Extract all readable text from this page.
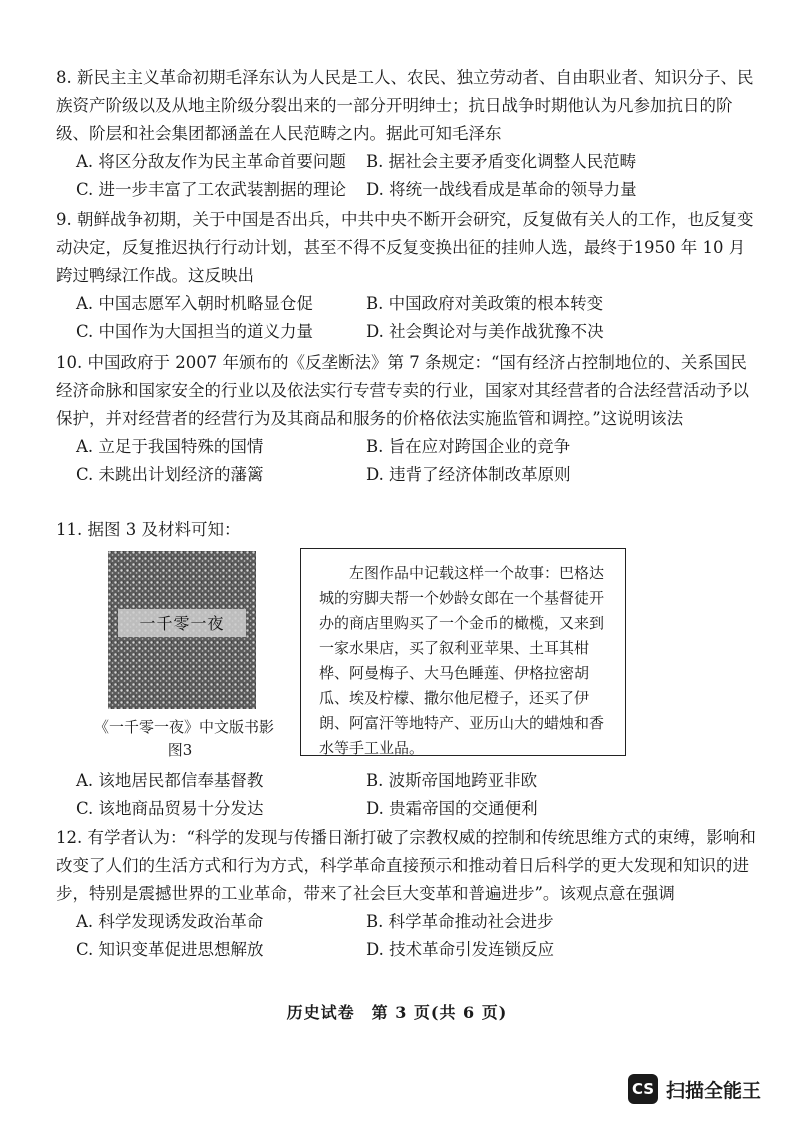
8. 新民主主义革命初期毛泽东认为人民是工人、农民、独立劳动者、自由职业者、知识分子、民族资产阶级以及从地主阶级分裂出来的一部分开明绅士；抗日战争时期他认为凡参加抗日的阶级、阶层和社会集团都涵盖在人民范畴之内。据此可知毛泽东

A. 将区分敌友作为民主革命首要问题 B. 据社会主要矛盾变化调整人民范畴
C. 进一步丰富了工农武装割据的理论 D. 将统一战线看成是革命的领导力量

9. 朝鲜战争初期，关于中国是否出兵，中共中央不断开会研究，反复做有关人的工作，也反复变动决定，反复推迟执行行动计划，甚至不得不反复变换出征的挂帅人选，最终于1950 年 10 月跨过鸭绿江作战。这反映出

A. 中国志愿军入朝时机略显仓促	B. 中国政府对美政策的根本转变
C. 中国作为大国担当的道义力量	D. 社会舆论对与美作战犹豫不决

10. 中国政府于 2007 年颁布的《反垄断法》第 7 条规定：“国有经济占控制地位的、关系国民经济命脉和国家安全的行业以及依法实行专营专卖的行业，国家对其经营者的合法经营活动予以保护，并对经营者的经营行为及其商品和服务的价格依法实施监管和调控。”这说明该法

A. 立足于我国特殊的国情	B. 旨在应对跨国企业的竞争
C. 未跳出计划经济的藩篱	D. 违背了经济体制改革原则

11. 据图 3 及材料可知：

一千零一夜
《一千零一夜》中文版书影
图3
左图作品中记载这样一个故事：巴格达城的穷脚夫帮一个妙龄女郎在一个基督徒开办的商店里购买了一个金币的橄榄，又来到一家水果店，买了叙利亚苹果、土耳其柑桦、阿曼梅子、大马色睡莲、伊格拉密胡瓜、埃及柠檬、撒尔他尼橙子，还买了伊朗、阿富汗等地特产、亚历山大的蜡烛和香水等手工业品。
A. 该地居民都信奉基督教	B. 波斯帝国地跨亚非欧
C. 该地商品贸易十分发达	D. 贵霜帝国的交通便利

12. 有学者认为：“科学的发现与传播日渐打破了宗教权威的控制和传统思维方式的束缚，影响和改变了人们的生活方式和行为方式，科学革命直接预示和推动着日后科学的更大发现和知识的进步，特别是震撼世界的工业革命，带来了社会巨大变革和普遍进步”。该观点意在强调

A. 科学发现诱发政治革命	B. 科学革命推动社会进步
C. 知识变革促进思想解放	D. 技术革命引发连锁反应
历史试卷　第 3 页(共 6 页)
CS 扫描全能王
